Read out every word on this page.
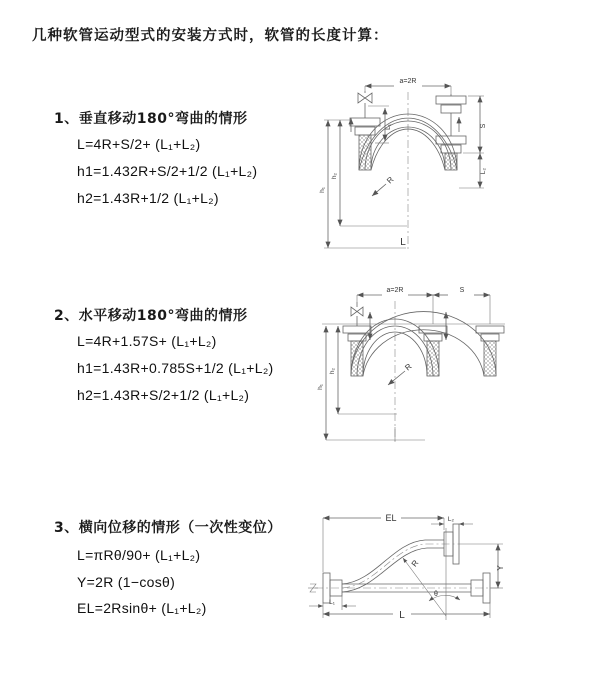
几种软管运动型式的安装方式时，软管的长度计算：
1、垂直移动180°弯曲的情形
L=4R+S/2+ (L₁+L₂)
h1=1.432R+S/2+1/2 (L₁+L₂)
h2=1.43R+1/2 (L₁+L₂)
2、水平移动180°弯曲的情形
L=4R+1.57S+ (L₁+L₂)
h1=1.43R+0.785S+1/2 (L₁+L₂)
h2=1.43R+S/2+1/2 (L₁+L₂)
3、横向位移的情形（一次性变位）
L=πRθ/90+ (L₁+L₂)
Y=2R (1−cosθ)
EL=2Rsinθ+ (L₁+L₂)
a=2R
L₁	S
L₂
h₂
h₁
R
L
a=2R	S
h₂
h₁
R
EL	L₂
Y
R
θ
L
L₁
